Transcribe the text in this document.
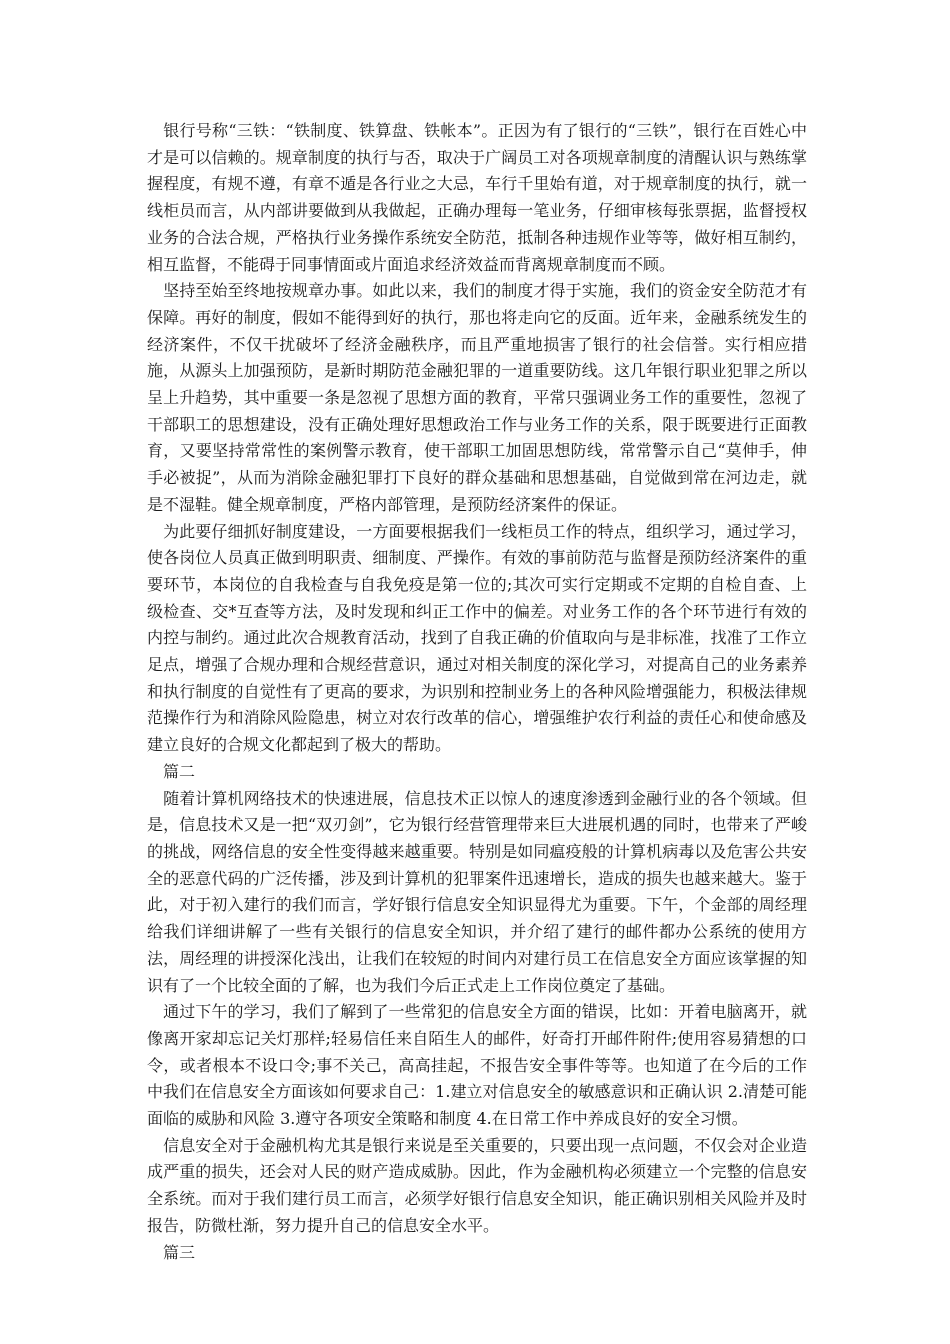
　银行号称“三铁：“铁制度、铁算盘、铁帐本”。正因为有了银行的“三铁”，银行在百姓心中才是可以信赖的。规章制度的执行与否，取决于广阔员工对各项规章制度的清醒认识与熟练掌握程度，有规不遵，有章不遁是各行业之大忌，车行千里始有道，对于规章制度的执行，就一线柜员而言，从内部讲要做到从我做起，正确办理每一笔业务，仔细审核每张票据，监督授权业务的合法合规，严格执行业务操作系统安全防范，抵制各种违规作业等等，做好相互制约，相互监督，不能碍于同事情面或片面追求经济效益而背离规章制度而不顾。

　坚持至始至终地按规章办事。如此以来，我们的制度才得于实施，我们的资金安全防范才有保障。再好的制度，假如不能得到好的执行，那也将走向它的反面。近年来，金融系统发生的经济案件，不仅干扰破坏了经济金融秩序，而且严重地损害了银行的社会信誉。实行相应措施，从源头上加强预防，是新时期防范金融犯罪的一道重要防线。这几年银行职业犯罪之所以呈上升趋势，其中重要一条是忽视了思想方面的教育，平常只强调业务工作的重要性，忽视了干部职工的思想建设，没有正确处理好思想政治工作与业务工作的关系，限于既要进行正面教育，又要坚持常常性的案例警示教育，使干部职工加固思想防线，常常警示自己“莫伸手，伸手必被捉”，从而为消除金融犯罪打下良好的群众基础和思想基础，自觉做到常在河边走，就是不湿鞋。健全规章制度，严格内部管理，是预防经济案件的保证。

　为此要仔细抓好制度建设，一方面要根据我们一线柜员工作的特点，组织学习，通过学习，使各岗位人员真正做到明职责、细制度、严操作。有效的事前防范与监督是预防经济案件的重要环节，本岗位的自我检查与自我免疫是第一位的;其次可实行定期或不定期的自检自查、上级检查、交*互查等方法，及时发现和纠正工作中的偏差。对业务工作的各个环节进行有效的内控与制约。通过此次合规教育活动，找到了自我正确的价值取向与是非标准，找准了工作立足点，增强了合规办理和合规经营意识，通过对相关制度的深化学习，对提高自己的业务素养和执行制度的自觉性有了更高的要求，为识别和控制业务上的各种风险增强能力，积极法律规范操作行为和消除风险隐患，树立对农行改革的信心，增强维护农行利益的责任心和使命感及建立良好的合规文化都起到了极大的帮助。

　篇二

　随着计算机网络技术的快速进展，信息技术正以惊人的速度渗透到金融行业的各个领域。但是，信息技术又是一把“双刃剑”，它为银行经营管理带来巨大进展机遇的同时，也带来了严峻的挑战，网络信息的安全性变得越来越重要。特别是如同瘟疫般的计算机病毒以及危害公共安全的恶意代码的广泛传播，涉及到计算机的犯罪案件迅速增长，造成的损失也越来越大。鉴于此，对于初入建行的我们而言，学好银行信息安全知识显得尤为重要。下午，个金部的周经理给我们详细讲解了一些有关银行的信息安全知识，并介绍了建行的邮件都办公系统的使用方法，周经理的讲授深化浅出，让我们在较短的时间内对建行员工在信息安全方面应该掌握的知识有了一个比较全面的了解，也为我们今后正式走上工作岗位奠定了基础。

　通过下午的学习，我们了解到了一些常犯的信息安全方面的错误，比如：开着电脑离开，就像离开家却忘记关灯那样;轻易信任来自陌生人的邮件，好奇打开邮件附件;使用容易猜想的口令，或者根本不设口令;事不关己，高高挂起，不报告安全事件等等。也知道了在今后的工作中我们在信息安全方面该如何要求自己：1.建立对信息安全的敏感意识和正确认识 2.清楚可能面临的威胁和风险 3.遵守各项安全策略和制度 4.在日常工作中养成良好的安全习惯。

　信息安全对于金融机构尤其是银行来说是至关重要的，只要出现一点问题，不仅会对企业造成严重的损失，还会对人民的财产造成威胁。因此，作为金融机构必须建立一个完整的信息安全系统。而对于我们建行员工而言，必须学好银行信息安全知识，能正确识别相关风险并及时报告，防微杜渐，努力提升自己的信息安全水平。

　篇三
